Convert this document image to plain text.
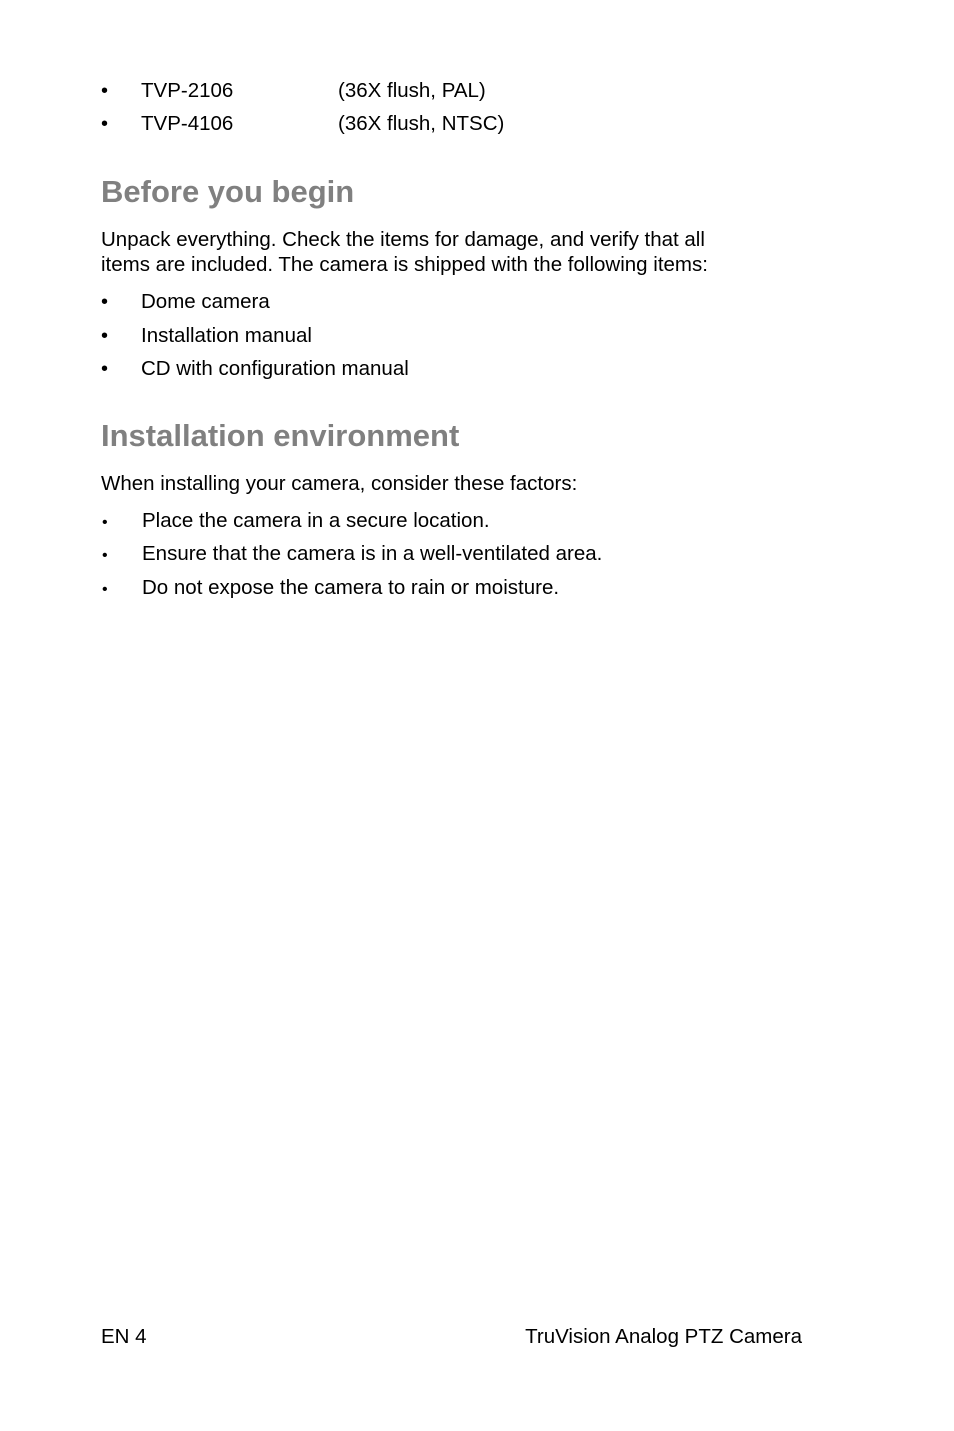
•	TVP-2106	(36X flush, PAL)
•	TVP-4106	(36X flush, NTSC)
Before you begin

Unpack everything. Check the items for damage, and verify that all

items are included. The camera is shipped with the following items:

•	Dome camera
•	Installation manual
•	CD with configuration manual
Installation environment

When installing your camera, consider these factors:

•	Place the camera in a secure location.
•	Ensure that the camera is in a well-ventilated area.
•	Do not expose the camera to rain or moisture.
EN 4	TruVision Analog PTZ Camera
